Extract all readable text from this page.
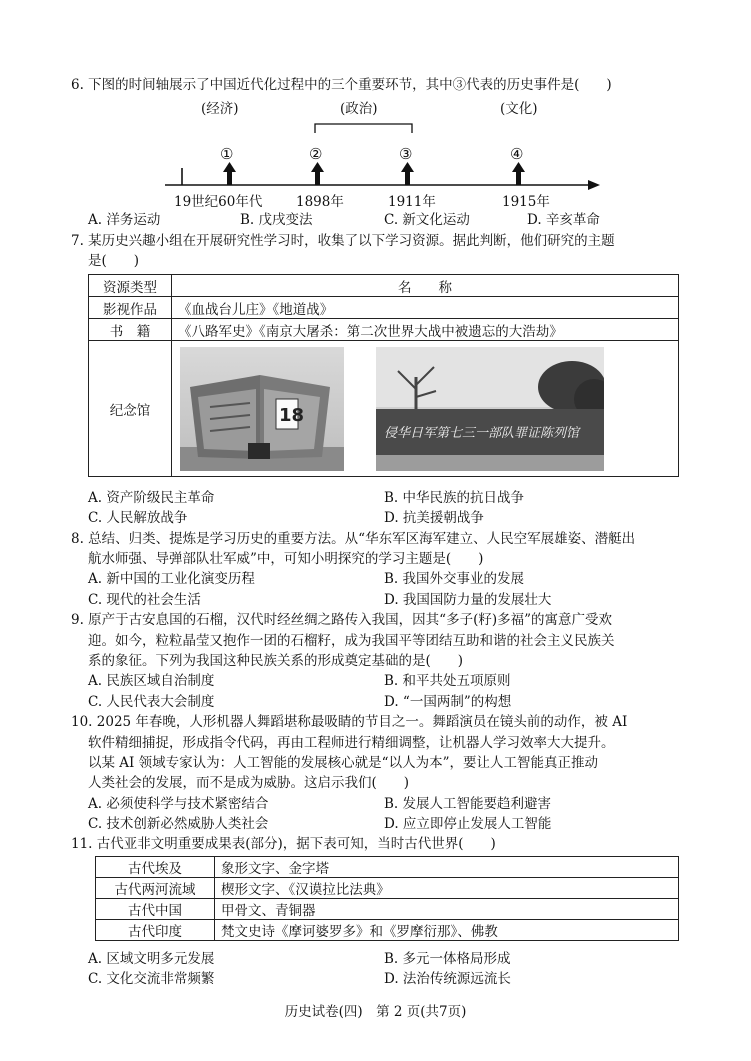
6. 下图的时间轴展示了中国近代化过程中的三个重要环节，其中③代表的历史事件是(　　)
(经济)	(政治)	(文化)
①	②	③	④
19世纪60年代 1898年	1911年	1915年
A. 洋务运动	B. 戊戌变法	C. 新文化运动	D. 辛亥革命
7. 某历史兴趣小组在开展研究性学习时，收集了以下学习资源。据此判断，他们研究的主题
是(　　)
资源类型	名　　称
影视作品	《血战台儿庄》《地道战》
书　籍	《八路军史》《南京大屠杀：第二次世界大战中被遗忘的大浩劫》
纪念馆	18

侵华日军第七三一部队罪证陈列馆
A. 资产阶级民主革命	B. 中华民族的抗日战争
C. 人民解放战争	D. 抗美援朝战争
8. 总结、归类、提炼是学习历史的重要方法。从“华东军区海军建立、人民空军展雄姿、潜艇出
航水师强、导弹部队壮军威”中，可知小明探究的学习主题是(　　)
A. 新中国的工业化演变历程	B. 我国外交事业的发展
C. 现代的社会生活	D. 我国国防力量的发展壮大
9. 原产于古安息国的石榴，汉代时经丝绸之路传入我国，因其“多子(籽)多福”的寓意广受欢
迎。如今，粒粒晶莹又抱作一团的石榴籽，成为我国平等团结互助和谐的社会主义民族关
系的象征。下列为我国这种民族关系的形成奠定基础的是(　　)
A. 民族区域自治制度	B. 和平共处五项原则
C. 人民代表大会制度	D. “一国两制”的构想
10. 2025 年春晚，人形机器人舞蹈堪称最吸睛的节目之一。舞蹈演员在镜头前的动作，被 AI
软件精细捕捉，形成指令代码，再由工程师进行精细调整，让机器人学习效率大大提升。
以某 AI 领域专家认为：人工智能的发展核心就是“以人为本”，要让人工智能真正推动
人类社会的发展，而不是成为威胁。这启示我们(　　)
A. 必须使科学与技术紧密结合	B. 发展人工智能要趋利避害
C. 技术创新必然威胁人类社会	D. 应立即停止发展人工智能
11. 古代亚非文明重要成果表(部分)，据下表可知，当时古代世界(　　)
古代埃及	象形文字、金字塔
古代两河流域	楔形文字、《汉谟拉比法典》
古代中国	甲骨文、青铜器
古代印度	梵文史诗《摩诃婆罗多》和《罗摩衍那》、佛教
A. 区域文明多元发展	B. 多元一体格局形成
C. 文化交流非常频繁	D. 法治传统源远流长
历史试卷(四)　第 2 页(共7页)
